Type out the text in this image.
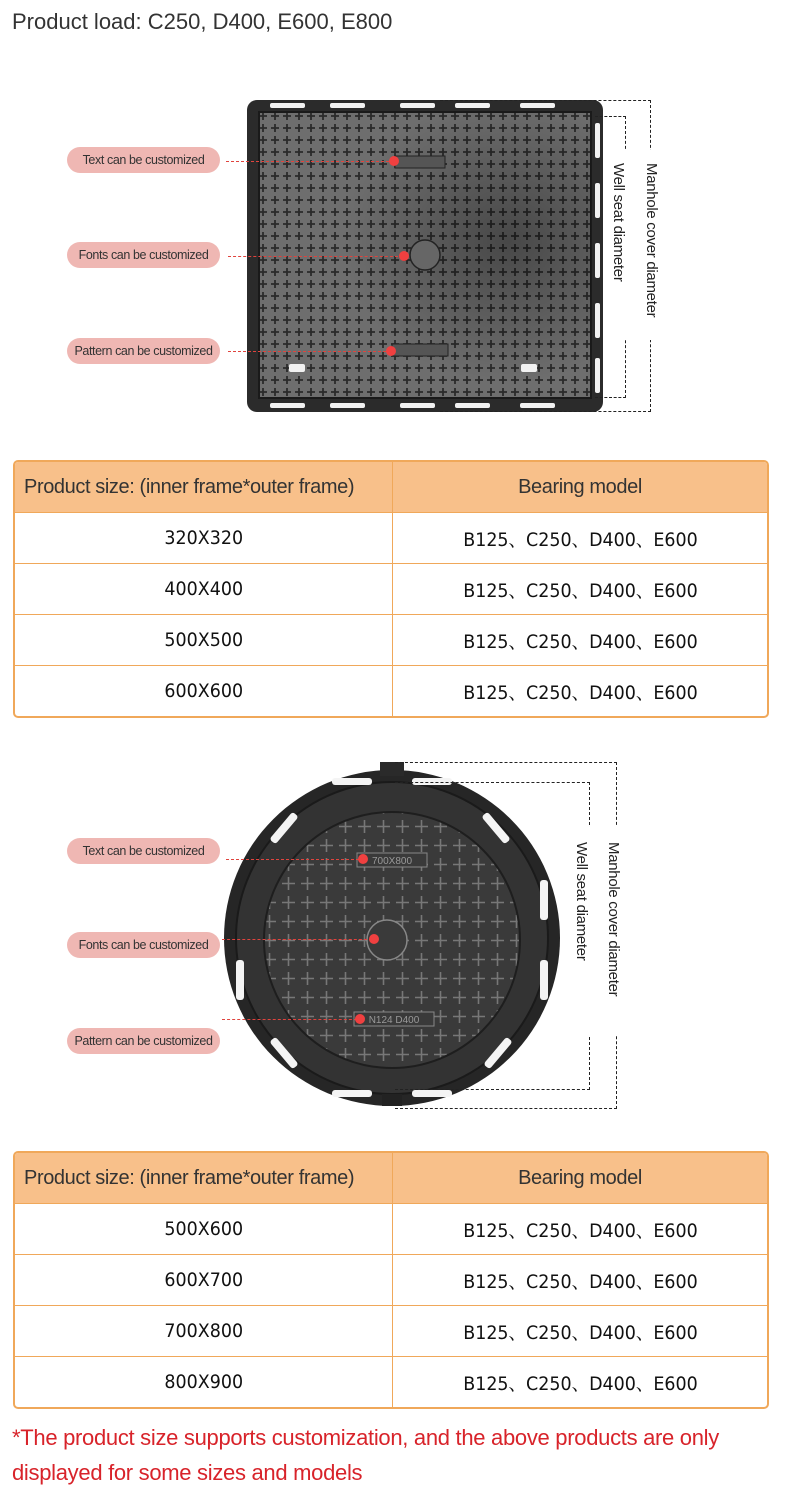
Product load: C250, D400, E600, E800
Text can be customized
Fonts can be customized
Pattern can be customized
Manhole cover diameter
Well seat diameter
Product size: (inner frame*outer frame)	Bearing model
320X320	B125、C250、D400、E600
400X400	B125、C250、D400、E600
500X500	B125、C250、D400、E600
600X600	B125、C250、D400、E600
700X800
N124 D400
Text can be customized
Fonts can be customized
Pattern can be customized
Manhole cover diameter
Well seat diameter
Product size: (inner frame*outer frame)	Bearing model
500X600	B125、C250、D400、E600
600X700	B125、C250、D400、E600
700X800	B125、C250、D400、E600
800X900	B125、C250、D400、E600
*The product size supports customization, and the above products are only displayed for some sizes and models
